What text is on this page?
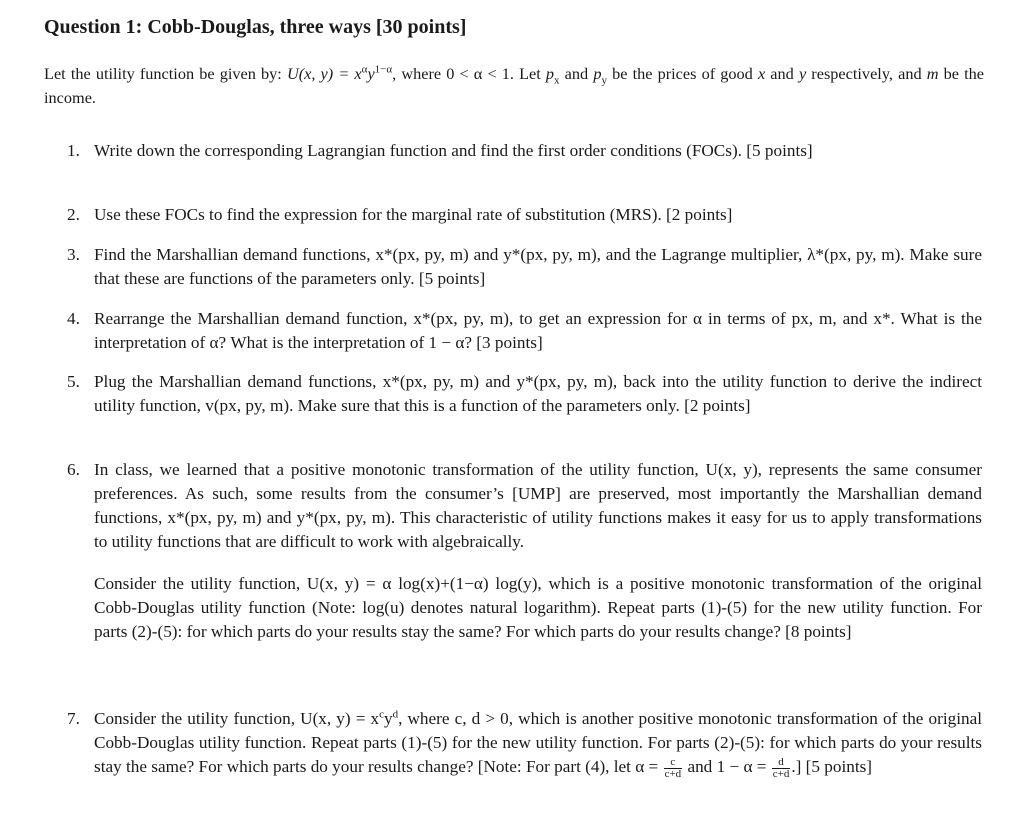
Question 1: Cobb-Douglas, three ways [30 points]

Let the utility function be given by: U(x, $y) = x^\alpha y^{1-\alpha}$, where 0 < α < 1. Let $p_x$ and $p_y$ be the prices of good x and y respectively, and m be the income.

1. Write down the corresponding Lagrangian function and find the first order conditions (FOCs). [5 points]

2. Use these FOCs to find the expression for the marginal rate of substitution (MRS). [2 points]

3. Find the Marshallian demand functions, x*(px, py, m) and y*(px, py, m), and the Lagrange multiplier, λ*(px, py, m). Make sure that these are functions of the parameters only. [5 points]

4. Rearrange the Marshallian demand function, x*(px, py, m), to get an expression for α in terms of px, m, and x*. What is the interpretation of α? What is the interpretation of 1 − α? [3 points]

5. Plug the Marshallian demand functions, x*(px, py, m) and y*(px, py, m), back into the utility function to derive the indirect utility function, v(px, py, m). Make sure that this is a function of the parameters only. [2 points]

6. In class, we learned that a positive monotonic transformation of the utility function, U(x, y), represents the same consumer preferences. As such, some results from the consumer’s [UMP] are preserved, most importantly the Marshallian demand functions, x*(px, py, m) and y*(px, py, m). This characteristic of utility functions makes it easy for us to apply transformations to utility functions that are difficult to work with algebraically.

Consider the utility function, U(x, y) = α log(x)+(1−α) log(y), which is a positive monotonic transformation of the original Cobb-Douglas utility function (Note: log(u) denotes natural logarithm). Repeat parts (1)-(5) for the new utility function. For parts (2)-(5): for which parts do your results stay the same? For which parts do your results change? [8 points]

7. Consider the utility function, U(x, $y) = x^cy^d$, where c, d > 0, which is another positive monotonic transformation of the original Cobb-Douglas utility function. Repeat parts (1)-(5) for the new utility function. For parts (2)-(5): for which parts do your results stay the same? For which parts do your results change? [Note: For part (4), let $\alpha = \frac{c}{c+d}$ and $1 - \alpha = \frac{d}{c+d}$ .] [5 points]
